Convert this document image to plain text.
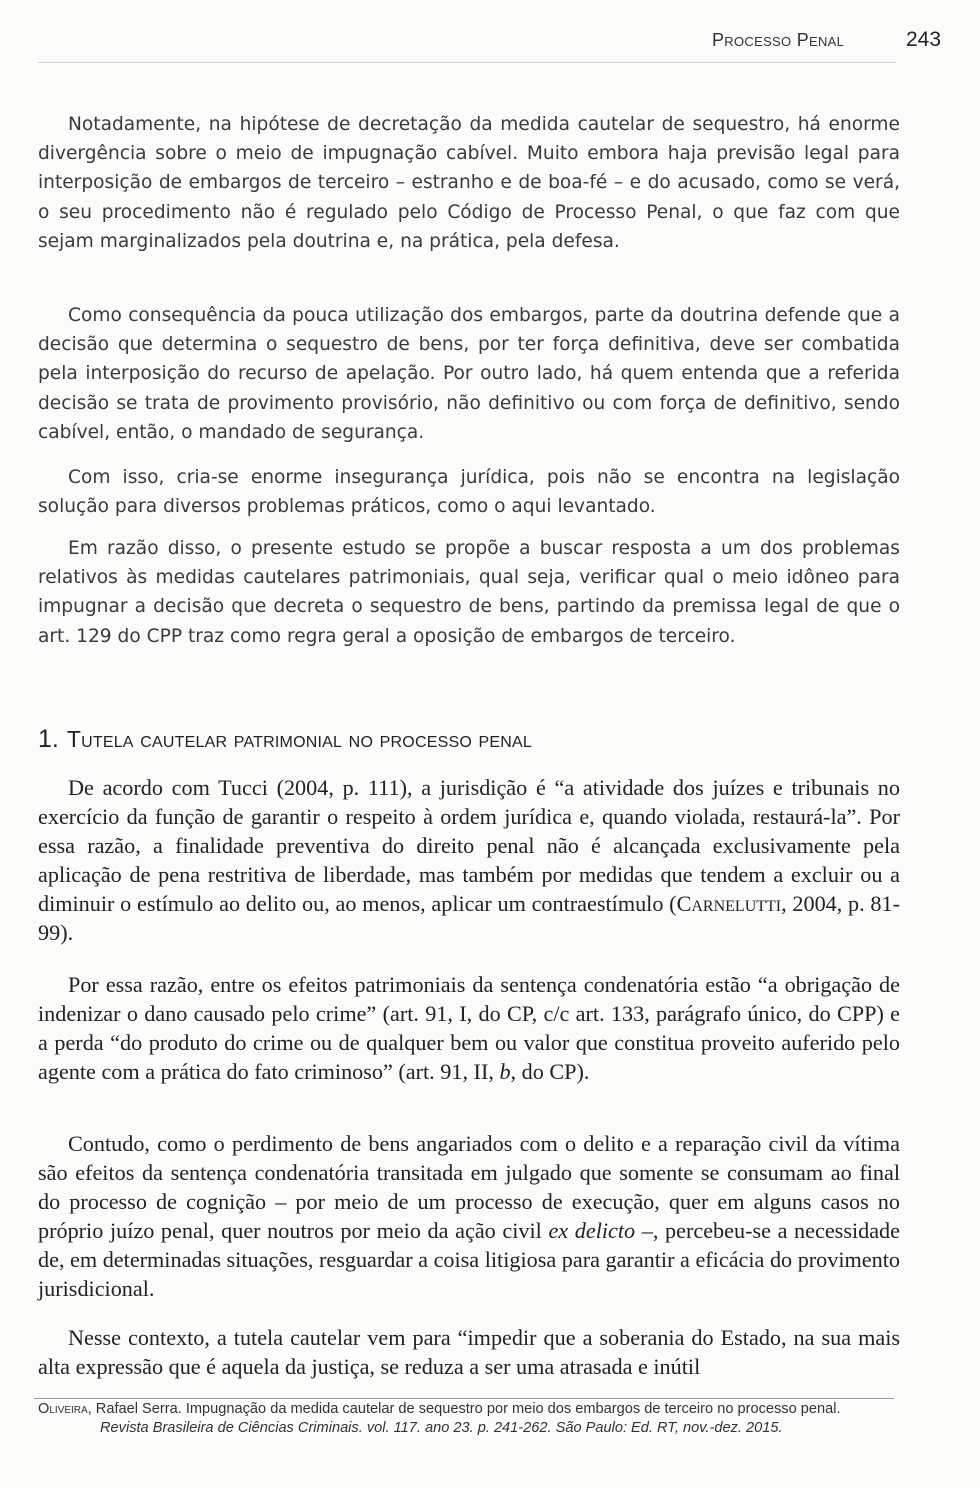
Processo Penal	243

Notadamente, na hipótese de decretação da medida cautelar de sequestro, há enorme divergência sobre o meio de impugnação cabível. Muito embora haja previsão legal para interposição de embargos de terceiro – estranho e de boa-fé – e do acusado, como se verá, o seu procedimento não é regulado pelo Código de Processo Penal, o que faz com que sejam marginalizados pela doutrina e, na prática, pela defesa.

Como consequência da pouca utilização dos embargos, parte da doutrina defende que a decisão que determina o sequestro de bens, por ter força definitiva, deve ser combatida pela interposição do recurso de apelação. Por outro lado, há quem entenda que a referida decisão se trata de provimento provisório, não definitivo ou com força de definitivo, sendo cabível, então, o mandado de segurança.

Com isso, cria-se enorme insegurança jurídica, pois não se encontra na legislação solução para diversos problemas práticos, como o aqui levantado.

Em razão disso, o presente estudo se propõe a buscar resposta a um dos problemas relativos às medidas cautelares patrimoniais, qual seja, verificar qual o meio idôneo para impugnar a decisão que decreta o sequestro de bens, partindo da premissa legal de que o art. 129 do CPP traz como regra geral a oposição de embargos de terceiro.

1. Tutela cautelar patrimonial no processo penal

De acordo com Tucci (2004, p. 111), a jurisdição é “a atividade dos juízes e tribunais no exercício da função de garantir o respeito à ordem jurídica e, quando violada, restaurá-la”. Por essa razão, a finalidade preventiva do direito penal não é alcançada exclusivamente pela aplicação de pena restritiva de liberdade, mas também por medidas que tendem a excluir ou a diminuir o estímulo ao delito ou, ao menos, aplicar um contraestímulo (Carnelutti, 2004, p. 81-99).

Por essa razão, entre os efeitos patrimoniais da sentença condenatória estão “a obrigação de indenizar o dano causado pelo crime” (art. 91, I, do CP, c/c art. 133, parágrafo único, do CPP) e a perda “do produto do crime ou de qualquer bem ou valor que constitua proveito auferido pelo agente com a prática do fato criminoso” (art. 91, II, b, do CP).

Contudo, como o perdimento de bens angariados com o delito e a reparação civil da vítima são efeitos da sentença condenatória transitada em julgado que somente se consumam ao final do processo de cognição – por meio de um processo de execução, quer em alguns casos no próprio juízo penal, quer noutros por meio da ação civil ex delicto –, percebeu-se a necessidade de, em determinadas situações, resguardar a coisa litigiosa para garantir a eficácia do provimento jurisdicional.

Nesse contexto, a tutela cautelar vem para “impedir que a soberania do Estado, na sua mais alta expressão que é aquela da justiça, se reduza a ser uma atrasada e inútil

Oliveira, Rafael Serra. Impugnação da medida cautelar de sequestro por meio dos embargos de terceiro no processo penal.
Revista Brasileira de Ciências Criminais. vol. 117. ano 23. p. 241-262. São Paulo: Ed. RT, nov.-dez. 2015.
